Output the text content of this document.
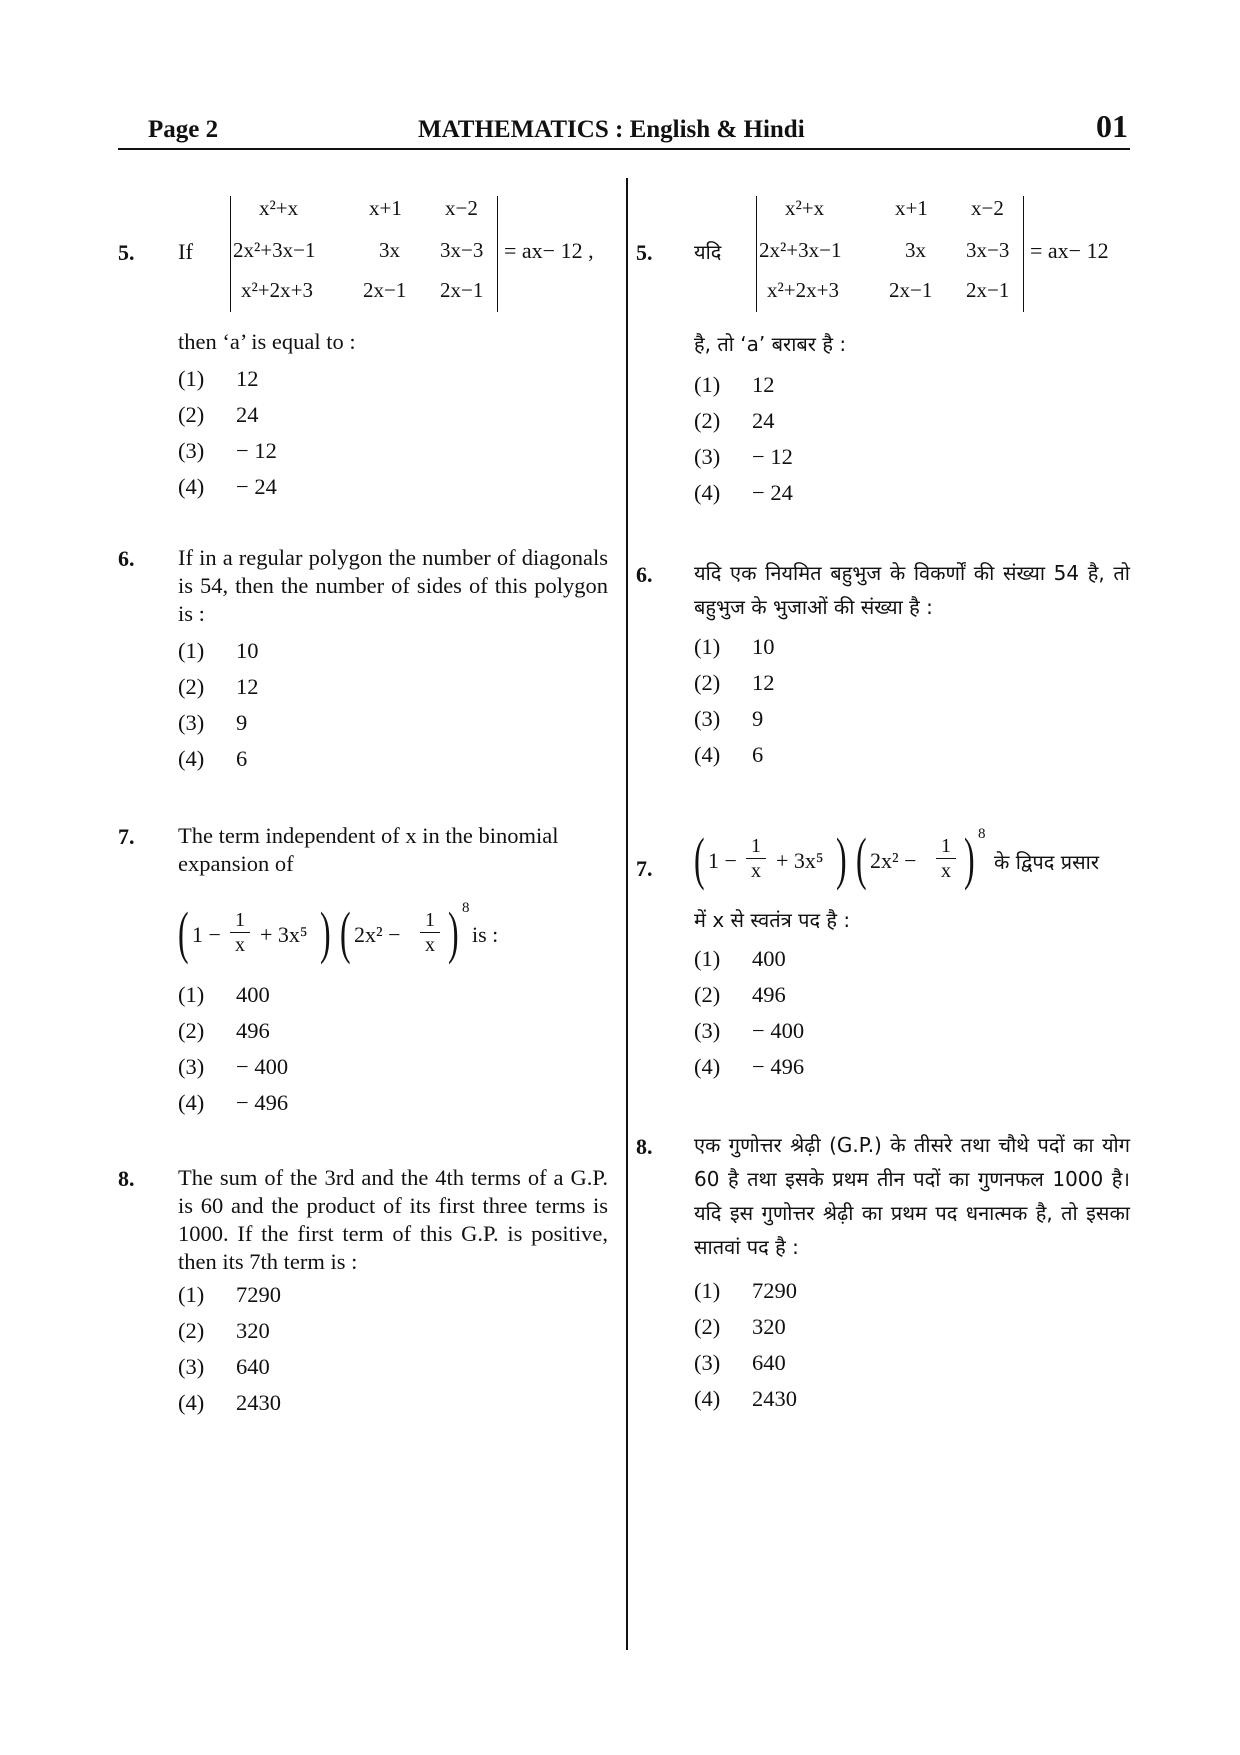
Page 2	MATHEMATICS : English & Hindi	01
5. If
x²+x	x+1 x−2
2x²+3x−1	3x 3x−3
x²+2x+3 2x−1 2x−1
= ax− 12 ,
then ‘a’ is equal to :
(1) 12
(2) 24
(3) − 12
(4) − 24
6. If in a regular polygon the number of diagonals is 54, then the number of sides of this polygon is :
(1) 10
(2) 12
(3) 9
(4) 6
7. The term independent of x in the binomial expansion of
( $1 - \frac{1}{x} + 3x^5$ ) ( $2x^2 - \frac{1}{x}$ ) 8
is :
(1) 400
(2) 496
(3) − 400
(4) − 496
8. The sum of the 3rd and the 4th terms of a G.P. is 60 and the product of its first three terms is 1000. If the first term of this G.P. is positive, then its 7th term is :
(1) 7290
(2) 320
(3) 640
(4) 2430
5. यदि
x²+x	x+1 x−2
2x²+3x−1	3x 3x−3
x²+2x+3 2x−1 2x−1
= ax− 12
है, तो ‘a’ बराबर है :
(1) 12
(2) 24
(3) − 12
(4) − 24
6. यदि एक नियमित बहुभुज के विकर्णों की संख्या 54 है, तो बहुभुज के भुजाओं की संख्या है :
(1) 10
(2) 12
(3) 9
(4) 6
7. ( $1 - \frac{1}{x} + 3x^5$ ) ( $2x^2 - \frac{1}{x}$ ) 8
के द्विपद प्रसार
में x से स्वतंत्र पद है :
(1) 400
(2) 496
(3) − 400
(4) − 496
8. एक गुणोत्तर श्रेढ़ी (G.P.) के तीसरे तथा चौथे पदों का योग 60 है तथा इसके प्रथम तीन पदों का गुणनफल 1000 है। यदि इस गुणोत्तर श्रेढ़ी का प्रथम पद धनात्मक है, तो इसका सातवां पद है :
(1) 7290
(2) 320
(3) 640
(4) 2430
